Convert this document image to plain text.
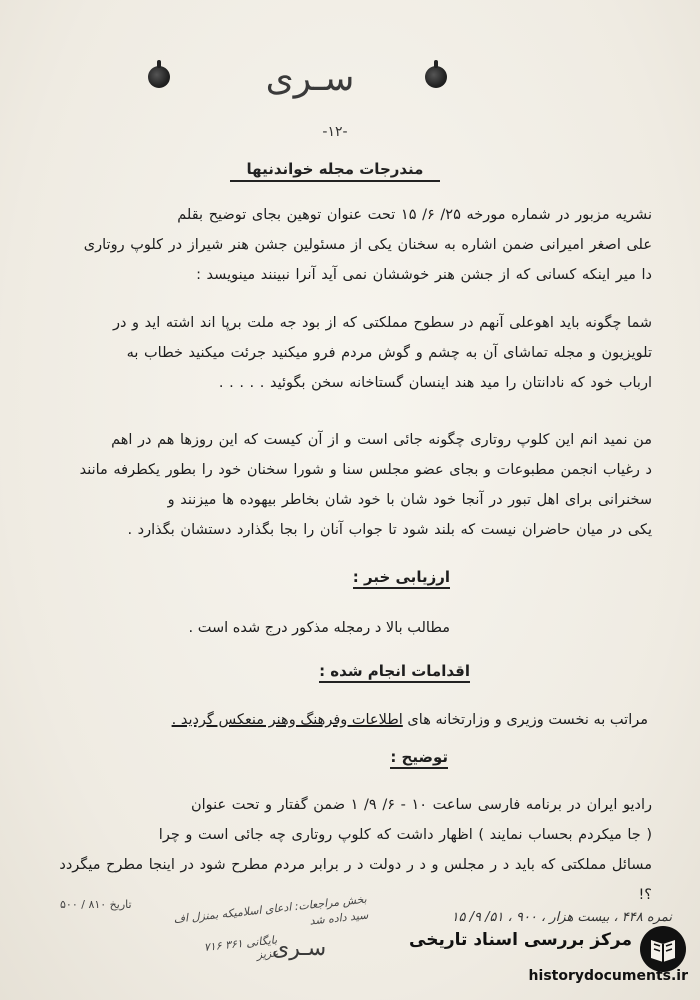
سـری
-۱۲-
مندرجات مجله خواندنیها

نشریه مزبور در شماره مورخه ۲۵/ ۶/ ۱۵ تحت عنوان توهین بجای توضیح بقلم

علی اصغر امیرانی ضمن اشاره به سخنان یکی از مسئولین جشن هنر شیراز در کلوپ روتاری

دا میر اینکه کسانی که از جشن هنر خوششان نمی آید آنرا نبینند مینویسد :

شما چگونه باید اهوعلی آنهم در سطوح مملکتی که از بود جه ملت برپا اند اشته اید و در

تلویزیون و مجله تماشای آن به چشم و گوش مردم فرو میکنید جرئت میکنید خطاب به

ارباب خود که نادانتان را مید هند اینسان گستاخانه سخن بگوئید . . . . .

من نمید انم این کلوپ روتاری چگونه جائی است و از آن کیست که این روزها هم در اهم

د رغیاب انجمن مطبوعات و بجای عضو مجلس سنا و شورا سخنان خود را بطور یکطرفه مانند

سخنرانی برای اهل تبور در آنجا خود شان با خود شان بخاطر بیهوده ها میزنند و

یکی در میان حاضران نیست که بلند شود تا جواب آنان را بجا بگذارد دستشان بگذارد .

ارزیابی خبر :
مطالب بالا د رمجله مذکور درج شده است .
اقدامات انجام شده :
مراتب به نخست وزیری و وزارتخانه های اطلاعات وفرهنگ وهنر منعکس گردید .
توضیح :

رادیو ایران در برنامه فارسی ساعت ۱۰ - ۶/ ۹/ ۱ ضمن گفتار و تحت عنوان

( جا میکردم بحساب نمایند ) اظهار داشت که کلوپ روتاری چه جائی است و چرا

مسائل مملکتی که باید د ر مجلس و د ر دولت د ر برابر مردم مطرح شود در اینجا مطرح میگردد ؟!

تاریخ ۸۱۰ / ۵۰۰	بخش مراجعات: ادعای اسلامیکه بمنزل اف سید داده شد	نمره ۴۴۸ ، بیست هزار ، ۹۰۰ ، ۵۱/ ۹/ ۱۵
بایگانی ۳۶۱ ۷۱۶ عزیز
سـری	مرکز بررسی اسناد تاریخی
historydocuments.ir
